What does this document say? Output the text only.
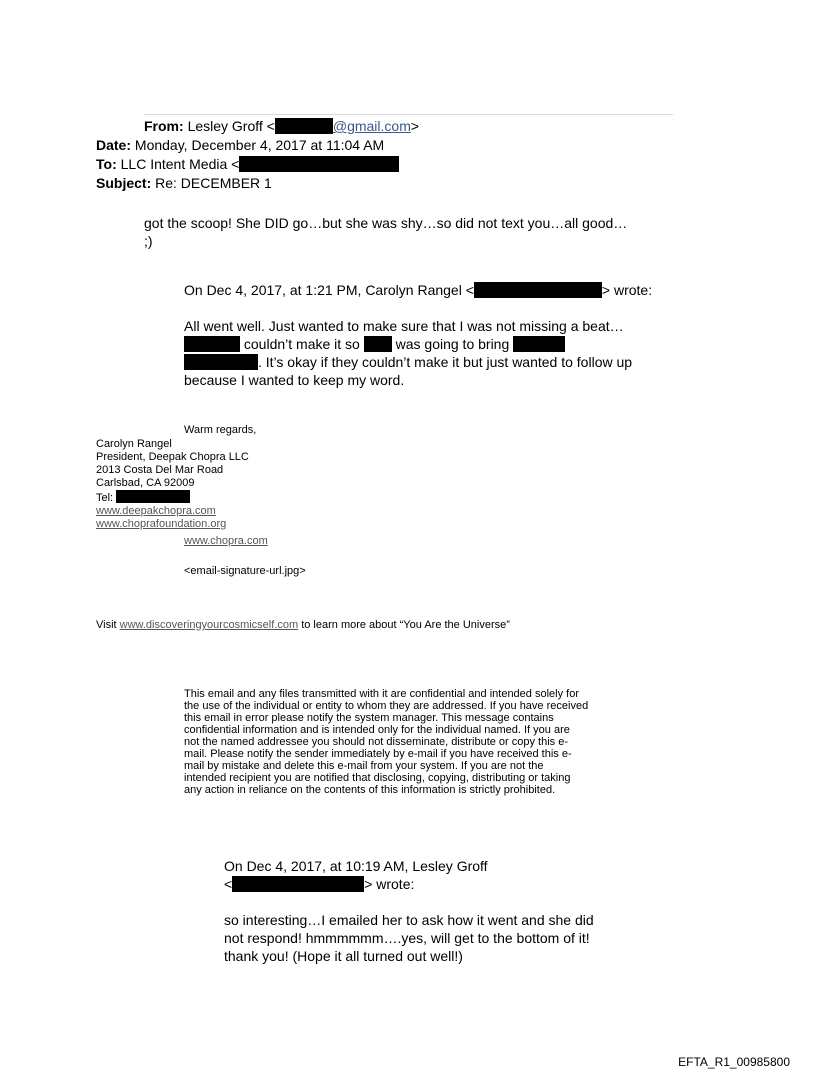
From: Lesley Groff <	@gmail.com>
Date: Monday, December 4, 2017 at 11:04 AM
To: LLC Intent Media <
Subject: Re: DECEMBER 1
got the scoop! She DID go…but she was shy…so did not text you…all good…
;)
On Dec 4, 2017, at 1:21 PM, Carolyn Rangel <	> wrote:
All went well. Just wanted to make sure that I was not missing a beat…
couldn’t make it so	was going to bring
. It’s okay if they couldn’t make it but just wanted to follow up
because I wanted to keep my word.
Warm regards,
Carolyn Rangel
President, Deepak Chopra LLC
2013 Costa Del Mar Road
Carlsbad, CA 92009
Tel:
www.deepakchopra.com
www.choprafoundation.org
www.chopra.com
<email-signature-url.jpg>
Visit www.discoveringyourcosmicself.com to learn more about “You Are the Universe”
This email and any files transmitted with it are confidential and intended solely for
the use of the individual or entity to whom they are addressed. If you have received
this email in error please notify the system manager. This message contains
confidential information and is intended only for the individual named. If you are
not the named addressee you should not disseminate, distribute or copy this e-
mail. Please notify the sender immediately by e-mail if you have received this e-
mail by mistake and delete this e-mail from your system. If you are not the
intended recipient you are notified that disclosing, copying, distributing or taking
any action in reliance on the contents of this information is strictly prohibited.
On Dec 4, 2017, at 10:19 AM, Lesley Groff
<	> wrote:
so interesting…I emailed her to ask how it went and she did
not respond! hmmmmmm….yes, will get to the bottom of it!
thank you! (Hope it all turned out well!)
EFTA_R1_00985800
